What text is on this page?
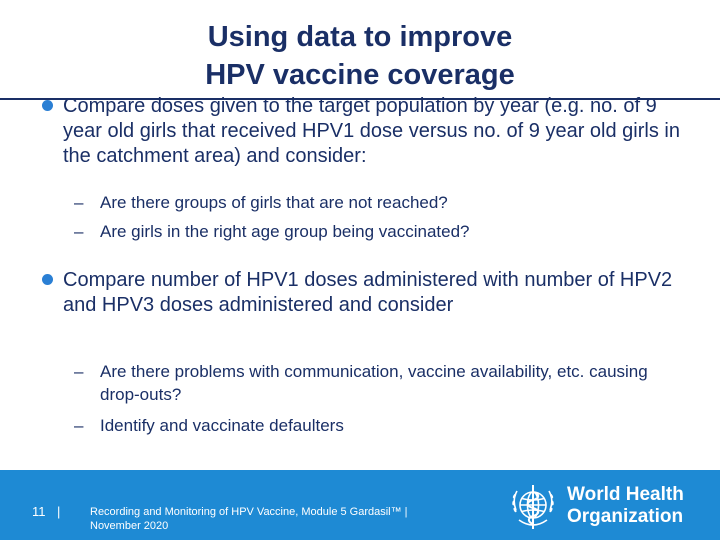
Using data to improve
HPV vaccine coverage
Compare doses given to the target population by year (e.g. no. of 9 year old girls that received HPV1 dose versus no. of 9 year old girls in the catchment area) and consider:
– Are there groups of girls that are not reached?
– Are girls in the right age group being vaccinated?
Compare number of HPV1 doses administered with number of HPV2 and HPV3 doses administered and consider
– Are there problems with communication, vaccine availability, etc. causing drop-outs?
– Identify and vaccinate defaulters
11 |	Recording and Monitoring of HPV Vaccine, Module 5 Gardasil™ |
November 2020
World Health
Organization
